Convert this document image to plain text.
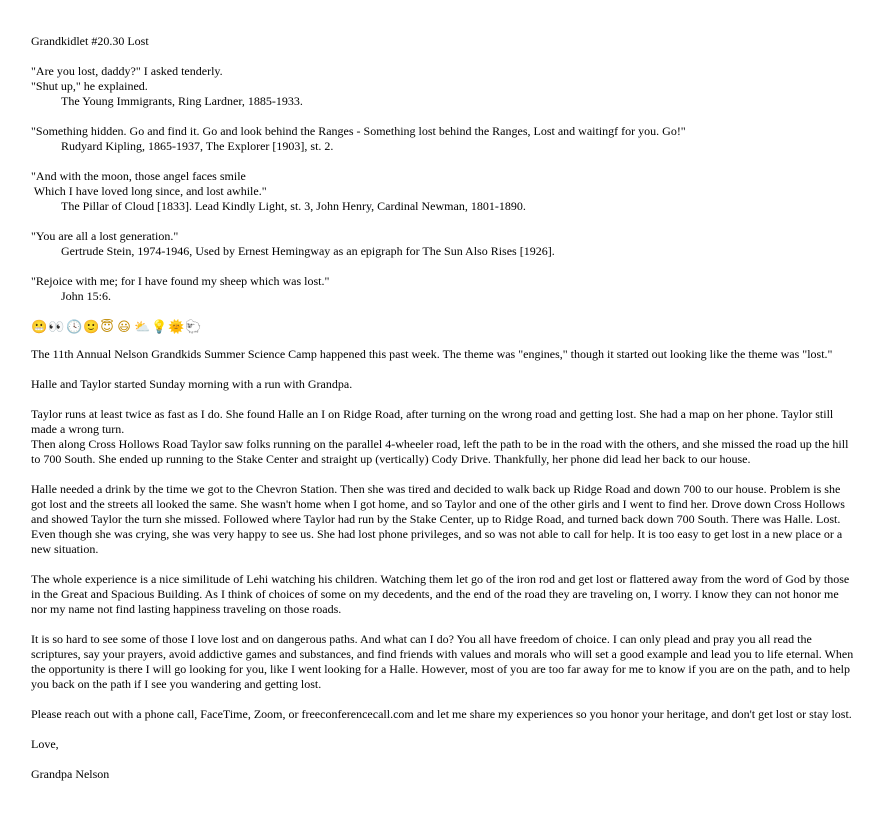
Grandkidlet #20.30 Lost
"Are you lost, daddy?" I asked tenderly.
"Shut up," he explained.
The Young Immigrants, Ring Lardner, 1885-1933.
"Something hidden. Go and find it. Go and look behind the Ranges - Something lost behind the Ranges, Lost and waitingf for you. Go!"
Rudyard Kipling, 1865-1937, The Explorer [1903], st. 2.
"And with the moon, those angel faces smile
Which I have loved long since, and lost awhile."
The Pillar of Cloud [1833]. Lead Kindly Light, st. 3, John Henry, Cardinal Newman, 1801-1890.
"You are all a lost generation."
Gertrude Stein, 1974-1946, Used by Ernest Hemingway as an epigraph for The Sun Also Rises [1926].
"Rejoice with me; for I have found my sheep which was lost."
John 15:6.
😬 👀 🕓 🙂 😇 😃 ⛅ 💡 🌞 🐑
The 11th Annual Nelson Grandkids Summer Science Camp happened this past week. The theme was "engines," though it started out looking like the theme was "lost."
Halle and Taylor started Sunday morning with a run with Grandpa.
Taylor runs at least twice as fast as I do. She found Halle an I on Ridge Road, after turning on the wrong road and getting lost. She had a map on her phone. Taylor still made a wrong turn.
Then along Cross Hollows Road Taylor saw folks running on the parallel 4-wheeler road, left the path to be in the road with the others, and she missed the road up the hill to 700 South. She ended up running to the Stake Center and straight up (vertically) Cody Drive. Thankfully, her phone did lead her back to our house.
Halle needed a drink by the time we got to the Chevron Station. Then she was tired and decided to walk back up Ridge Road and down 700 to our house. Problem is she got lost and the streets all looked the same. She wasn't home when I got home, and so Taylor and one of the other girls and I went to find her. Drove down Cross Hollows and showed Taylor the turn she missed. Followed where Taylor had run by the Stake Center, up to Ridge Road, and turned back down 700 South. There was Halle. Lost. Even though she was crying, she was very happy to see us. She had lost phone privileges, and so was not able to call for help. It is too easy to get lost in a new place or a new situation.
The whole experience is a nice similitude of Lehi watching his children. Watching them let go of the iron rod and get lost or flattered away from the word of God by those in the Great and Spacious Building. As I think of choices of some on my decedents, and the end of the road they are traveling on, I worry. I know they can not honor me nor my name not find lasting happiness traveling on those roads.
It is so hard to see some of those I love lost and on dangerous paths. And what can I do? You all have freedom of choice. I can only plead and pray you all read the scriptures, say your prayers, avoid addictive games and substances, and find friends with values and morals who will set a good example and lead you to life eternal. When the opportunity is there I will go looking for you, like I went looking for a Halle. However, most of you are too far away for me to know if you are on the path, and to help you back on the path if I see you wandering and getting lost.
Please reach out with a phone call, FaceTime, Zoom, or freeconferencecall.com and let me share my experiences so you honor your heritage, and don't get lost or stay lost.
Love,
Grandpa Nelson
